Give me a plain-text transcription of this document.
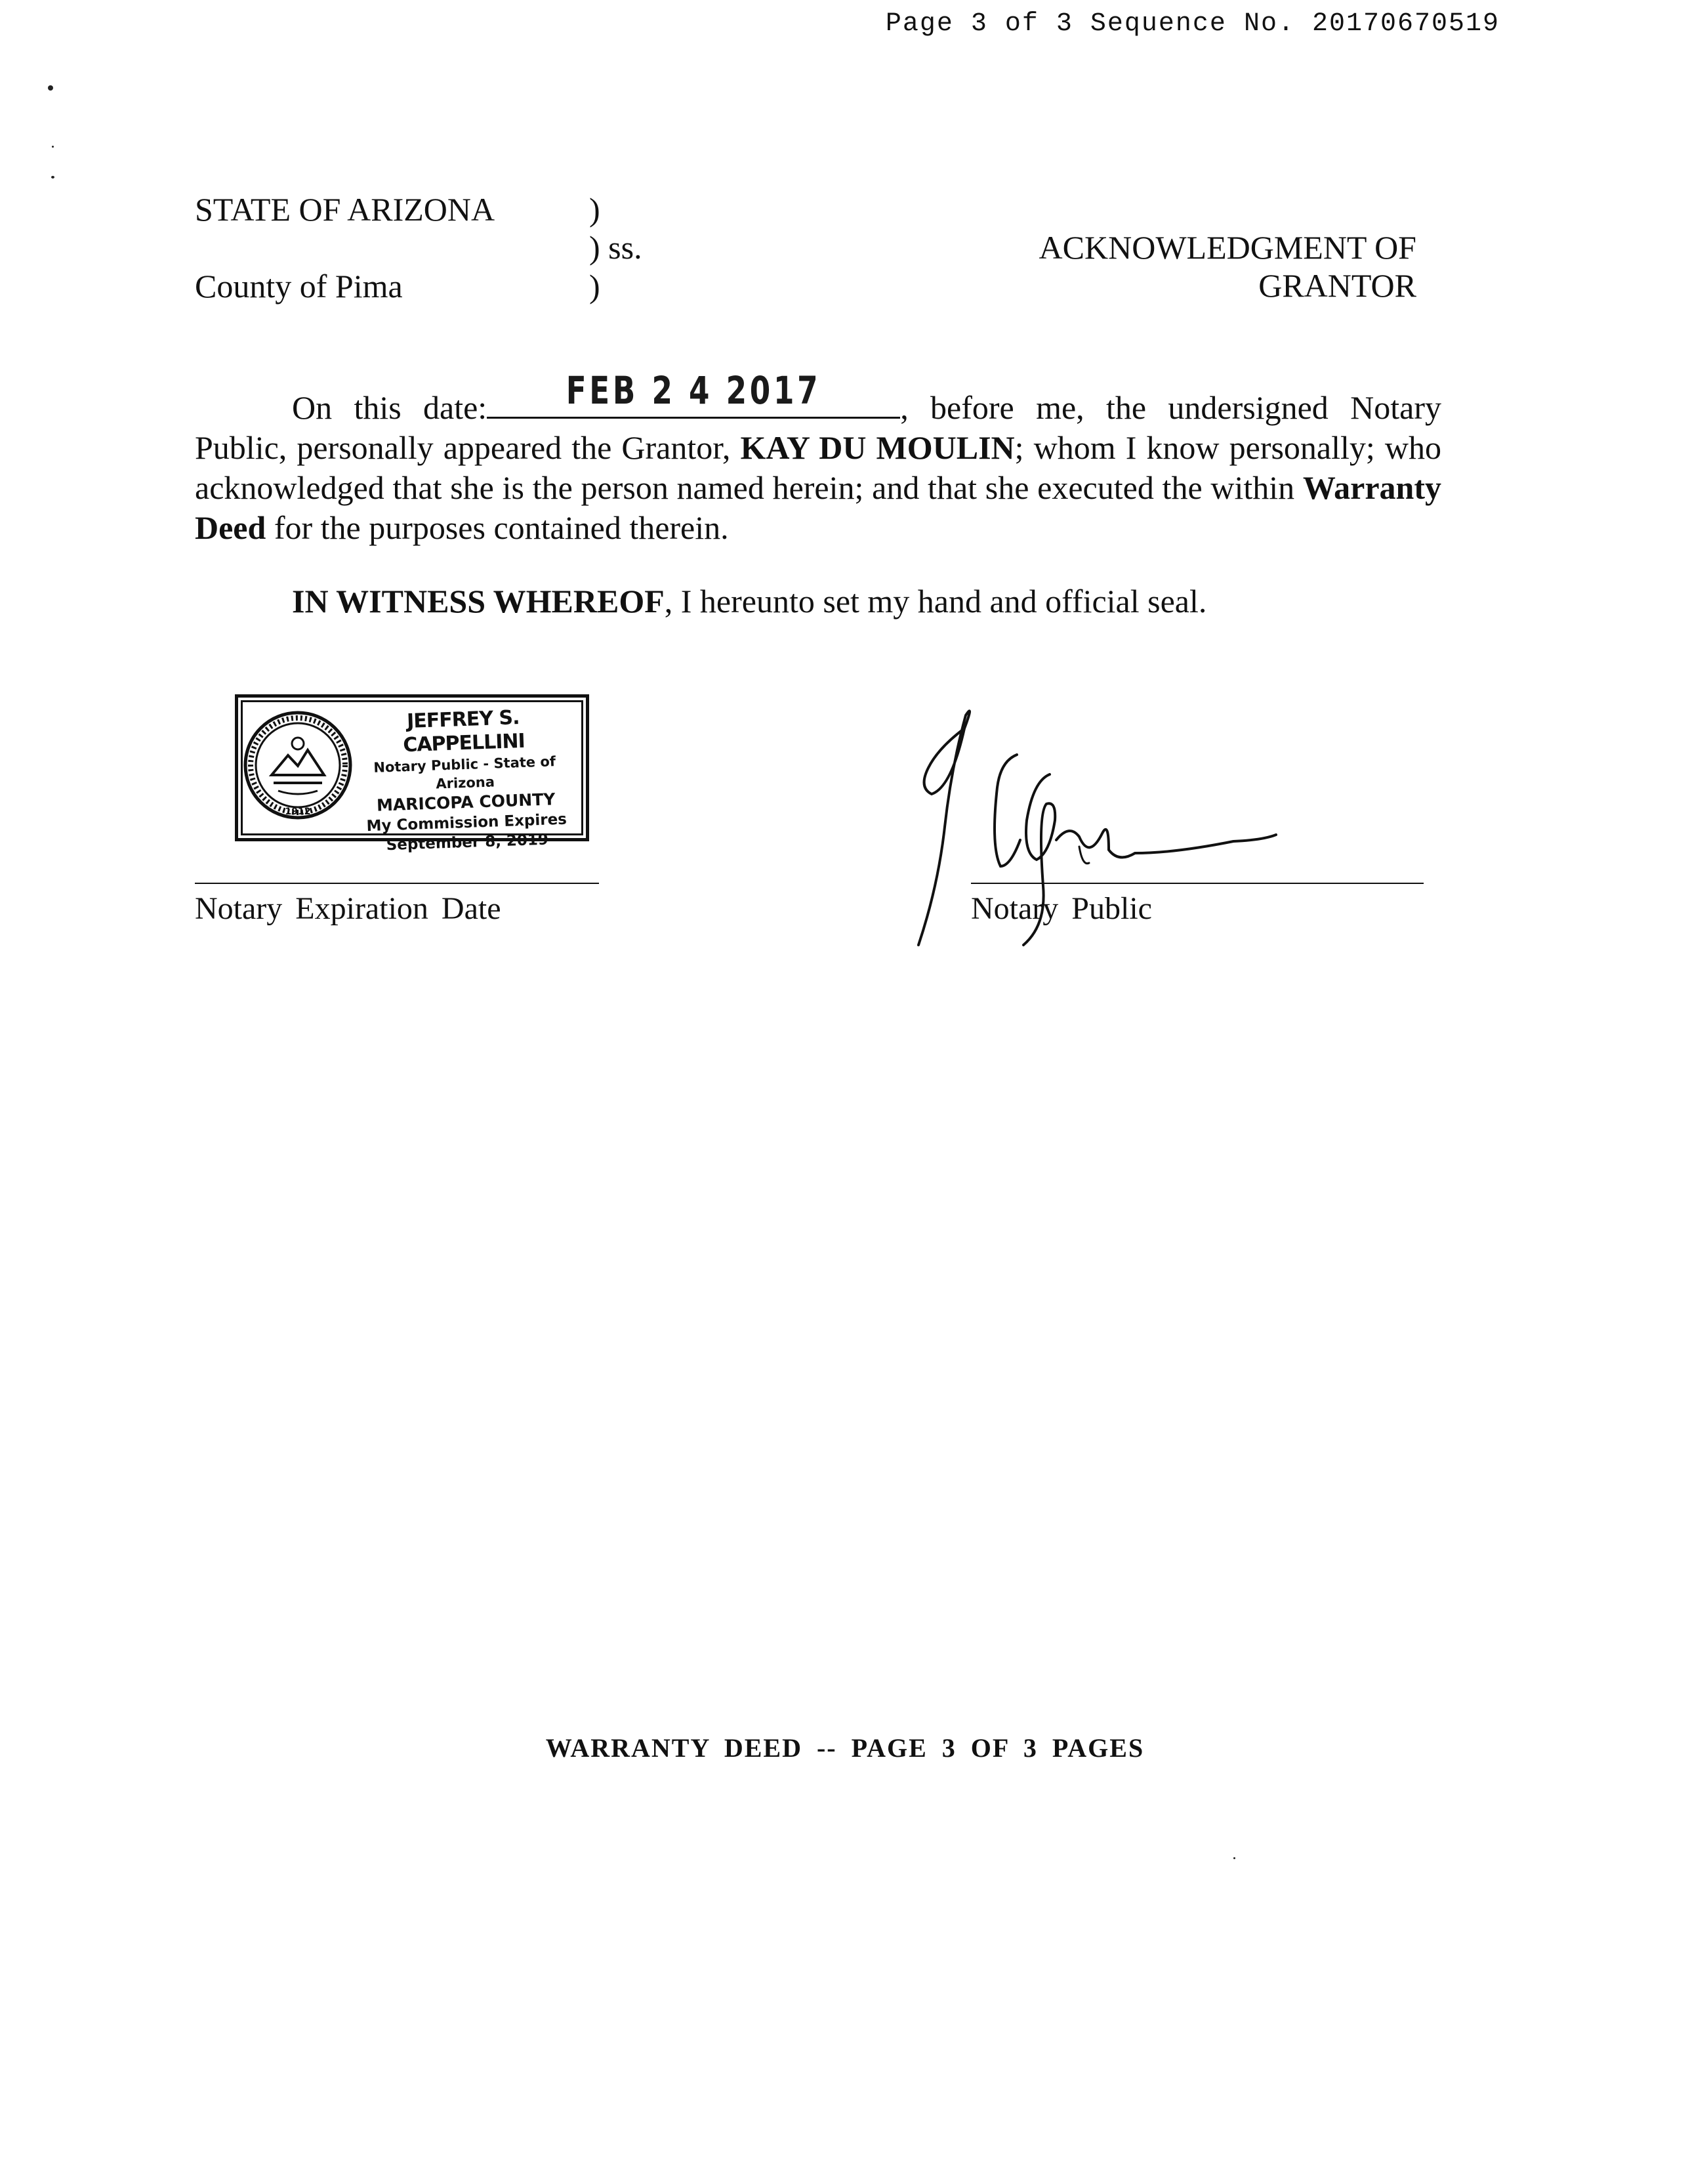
Page 3 of 3 Sequence No. 20170670519
STATE OF ARIZONA	)
) ss.
County of Pima	)
ACKNOWLEDGMENT OF
GRANTOR
On this date:	FEB 2 4 2017	, before me, the undersigned Notary Public, personally appeared the Grantor, KAY DU MOULIN; whom I know personally; who acknowledged that she is the person named herein; and that she executed the within Warranty Deed for the purposes contained therein.
IN WITNESS WHEREOF, I hereunto set my hand and official seal.
1912
JEFFREY S. CAPPELLINI
Notary Public - State of Arizona
MARICOPA COUNTY
My Commission Expires
September 8, 2019
Notary Expiration Date	Notary Public
WARRANTY DEED -- PAGE 3 OF 3 PAGES
